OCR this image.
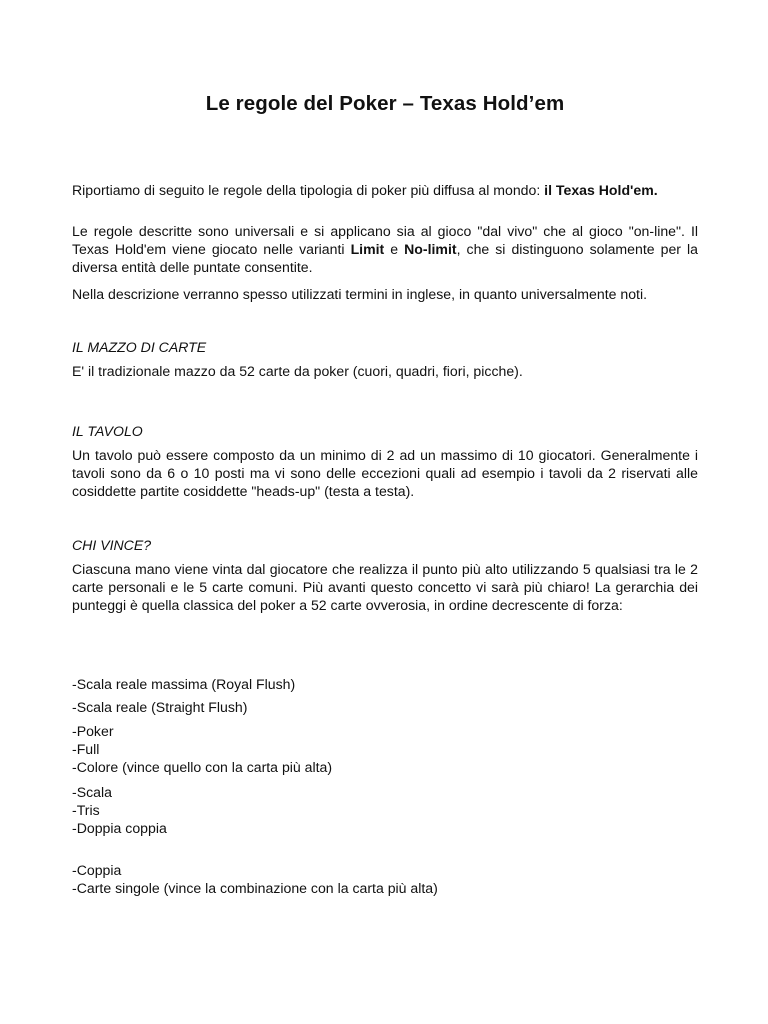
Le regole del Poker – Texas Hold’em

Riportiamo di seguito le regole della tipologia di poker più diffusa al mondo: il Texas Hold'em.

Le regole descritte sono universali e si applicano sia al gioco "dal vivo" che al gioco "on-line". Il Texas Hold'em viene giocato nelle varianti Limit e No-limit, che si distinguono solamente per la diversa entità delle puntate consentite.

Nella descrizione verranno spesso utilizzati termini in inglese, in quanto universalmente noti.

IL MAZZO DI CARTE

E' il tradizionale mazzo da 52 carte da poker (cuori, quadri, fiori, picche).

IL TAVOLO

Un tavolo può essere composto da un minimo di 2 ad un massimo di 10 giocatori. Generalmente i tavoli sono da 6 o 10 posti ma vi sono delle eccezioni quali ad esempio i tavoli da 2 riservati alle cosiddette partite cosiddette "heads-up" (testa a testa).

CHI VINCE?

Ciascuna mano viene vinta dal giocatore che realizza il punto più alto utilizzando 5 qualsiasi tra le 2 carte personali e le 5 carte comuni. Più avanti questo concetto vi sarà più chiaro! La gerarchia dei punteggi è quella classica del poker a 52 carte ovverosia, in ordine decrescente di forza:

-Scala reale massima (Royal Flush)

-Scala reale (Straight Flush)

-Poker

-Full

-Colore (vince quello con la carta più alta)

-Scala

-Tris

-Doppia coppia

-Coppia

-Carte singole (vince la combinazione con la carta più alta)
